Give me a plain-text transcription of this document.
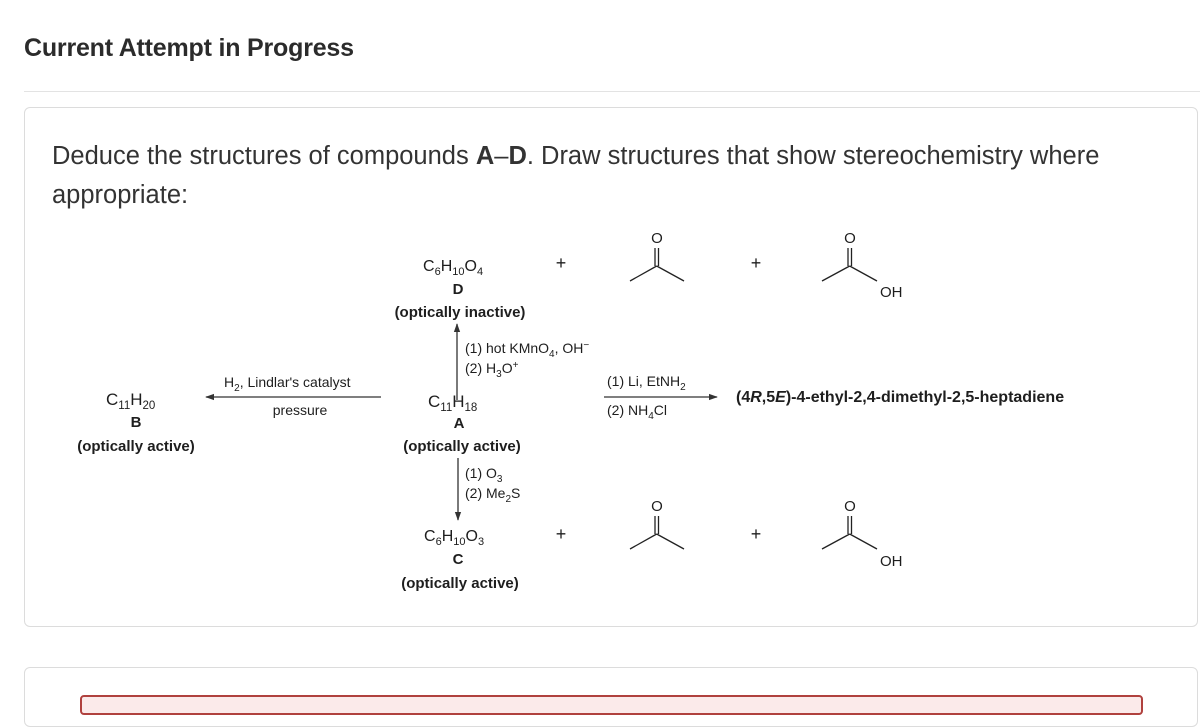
Current Attempt in Progress

Deduce the structures of compounds A–D. Draw structures that show stereochemistry where appropriate:

$C_6H_{10}O_4$
D
(optically inactive)
+
O
+
O
OH
(1) hot KMnO$_4$, OH−
(2) $H_3O^+$
$C_{11}H_{20}$
B
(optically active)
$H_2$, Lindlar's catalyst
pressure	$C_{11}H_{18}$
A
(optically active)
(1) Li, EtNH$_2$
(2) $NH_4Cl$
(4R,5E)-4-ethyl-2,4-dimethyl-2,5-heptadiene
(1) $O_3$
(2) $Me_2S$
$C_6H_{10}O_3$
C
(optically active)
+
O
+
O
OH
